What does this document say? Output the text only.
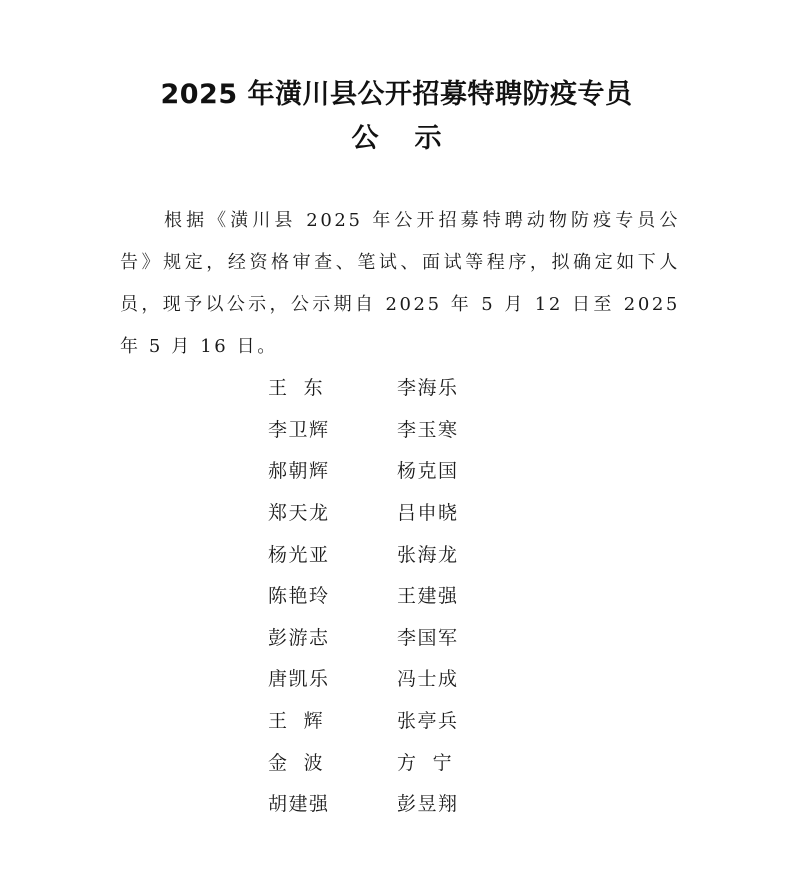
2025 年潢川县公开招募特聘防疫专员
公示

根据《潢川县 2025 年公开招募特聘动物防疫专员公告》规定，经资格审查、笔试、面试等程序，拟确定如下人员，现予以公示，公示期自 2025 年 5 月 12 日至 2025 年 5 月 16 日。

王  东	李海乐
李卫辉	李玉寒
郝朝辉	杨克国
郑天龙	吕申晓
杨光亚	张海龙
陈艳玲	王建强
彭游志	李国军
唐凯乐	冯士成
王  辉	张亭兵
金  波	方  宁
胡建强	彭昱翔
